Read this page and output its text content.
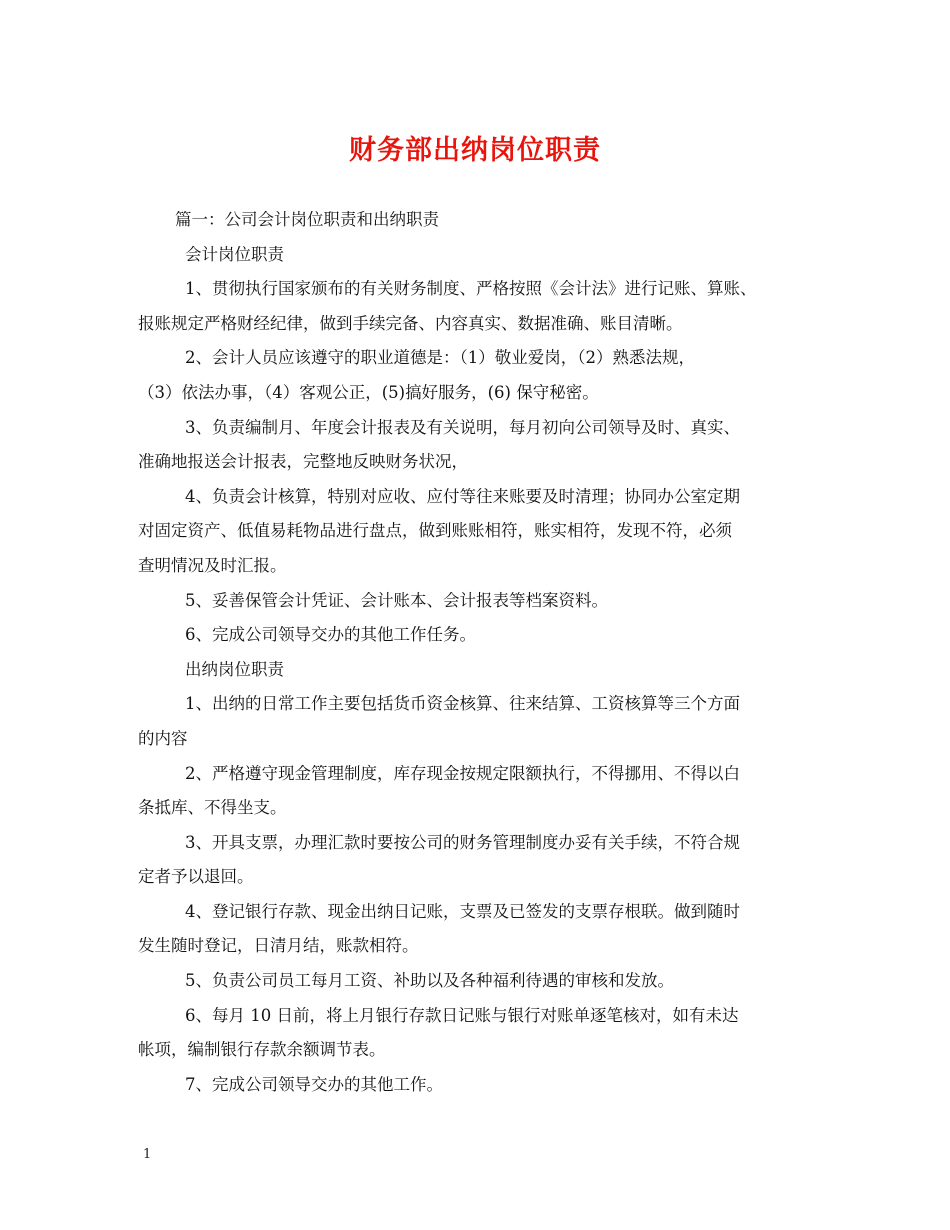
财务部出纳岗位职责
篇一：公司会计岗位职责和出纳职责
会计岗位职责
1、贯彻执行国家颁布的有关财务制度、严格按照《会计法》进行记账、算账、
报账规定严格财经纪律，做到手续完备、内容真实、数据准确、账目清晰。
2、会计人员应该遵守的职业道德是：（1）敬业爱岗，（2）熟悉法规，
（3）依法办事，（4）客观公正，(5)搞好服务，(6) 保守秘密。
3、负责编制月、年度会计报表及有关说明，每月初向公司领导及时、真实、
准确地报送会计报表，完整地反映财务状况，
4、负责会计核算，特别对应收、应付等往来账要及时清理；协同办公室定期
对固定资产、低值易耗物品进行盘点，做到账账相符，账实相符，发现不符，必须
查明情况及时汇报。
5、妥善保管会计凭证、会计账本、会计报表等档案资料。
6、完成公司领导交办的其他工作任务。
出纳岗位职责
1、出纳的日常工作主要包括货币资金核算、往来结算、工资核算等三个方面
的内容
2、严格遵守现金管理制度，库存现金按规定限额执行，不得挪用、不得以白
条抵库、不得坐支。
3、开具支票，办理汇款时要按公司的财务管理制度办妥有关手续，不符合规
定者予以退回。
4、登记银行存款、现金出纳日记账，支票及已签发的支票存根联。做到随时
发生随时登记，日清月结，账款相符。
5、负责公司员工每月工资、补助以及各种福利待遇的审核和发放。
6、每月 10 日前，将上月银行存款日记账与银行对账单逐笔核对，如有未达
帐项，编制银行存款余额调节表。
7、完成公司领导交办的其他工作。
1
